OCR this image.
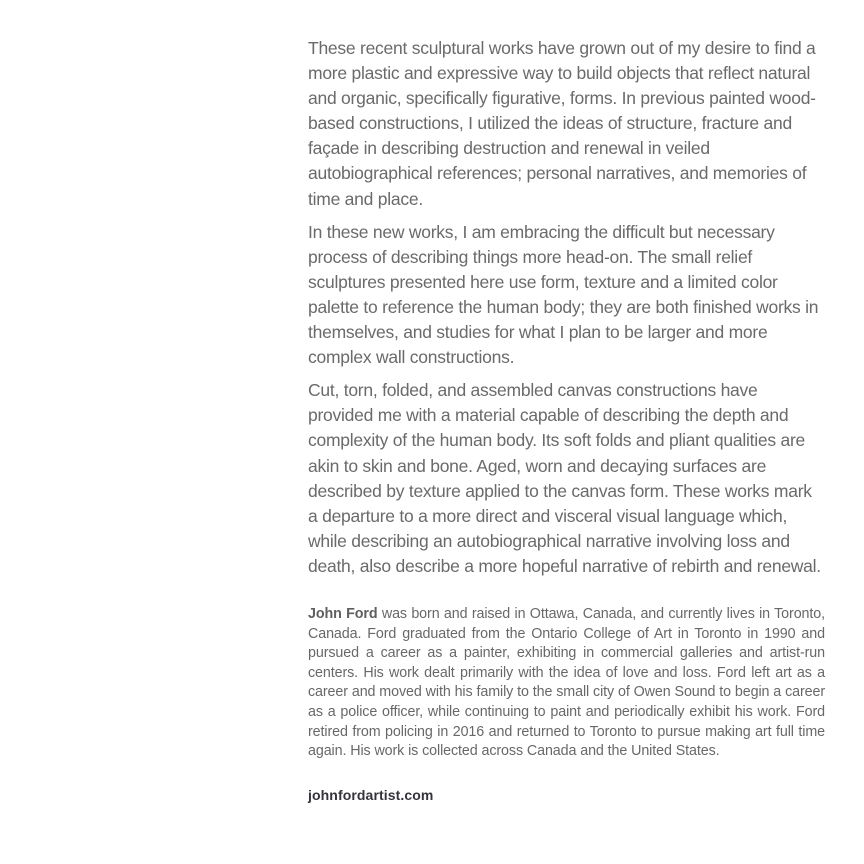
These recent sculptural works have grown out of my desire to find a more plastic and expressive way to build objects that reflect natural and organic, specifically figurative, forms. In previous painted wood-based constructions, I utilized the ideas of structure, fracture and façade in describing destruction and renewal in veiled autobiographical references; personal narratives, and memories of time and place.

In these new works, I am embracing the difficult but necessary process of describing things more head-on. The small relief sculptures presented here use form, texture and a limited color palette to reference the human body; they are both finished works in themselves, and studies for what I plan to be larger and more complex wall constructions.

Cut, torn, folded, and assembled canvas constructions have provided me with a material capable of describing the depth and complexity of the human body. Its soft folds and pliant qualities are akin to skin and bone. Aged, worn and decaying surfaces are described by texture applied to the canvas form. These works mark a departure to a more direct and visceral visual language which, while describing an autobiographical narrative involving loss and death, also describe a more hopeful narrative of rebirth and renewal.

John Ford was born and raised in Ottawa, Canada, and currently lives in Toronto, Canada. Ford graduated from the Ontario College of Art in Toronto in 1990 and pursued a career as a painter, exhibiting in commercial galleries and artist-run centers. His work dealt primarily with the idea of love and loss. Ford left art as a career and moved with his family to the small city of Owen Sound to begin a career as a police officer, while continuing to paint and periodically exhibit his work. Ford retired from policing in 2016 and returned to Toronto to pursue making art full time again. His work is collected across Canada and the United States.

johnfordartist.com
